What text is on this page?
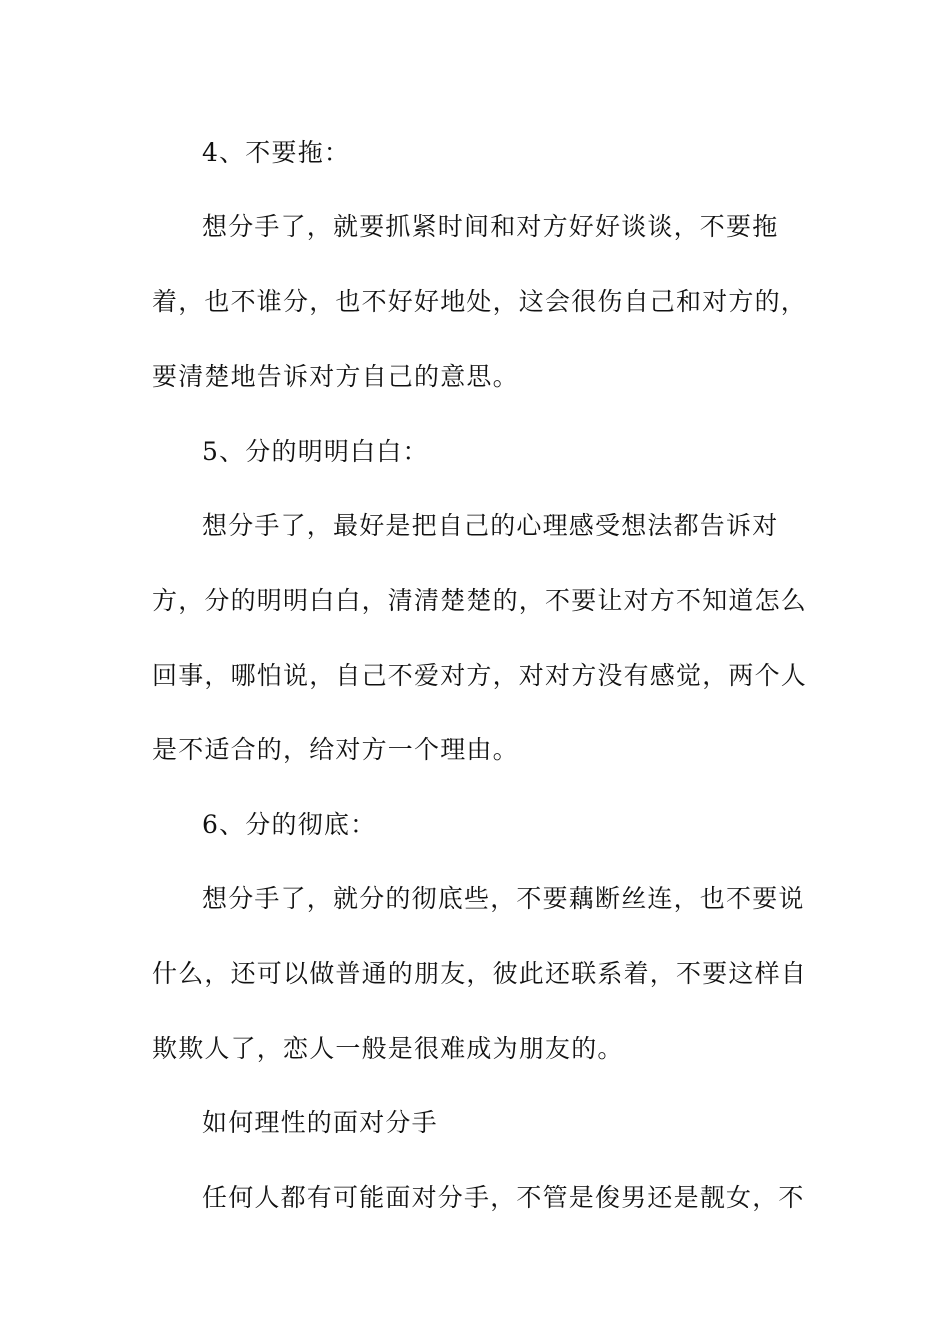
4、不要拖：
想分手了，就要抓紧时间和对方好好谈谈，不要拖
着，也不谁分，也不好好地处，这会很伤自己和对方的，
要清楚地告诉对方自己的意思。
5、分的明明白白：
想分手了，最好是把自己的心理感受想法都告诉对
方，分的明明白白，清清楚楚的，不要让对方不知道怎么
回事，哪怕说，自己不爱对方，对对方没有感觉，两个人
是不适合的，给对方一个理由。
6、分的彻底：
想分手了，就分的彻底些，不要藕断丝连，也不要说
什么，还可以做普通的朋友，彼此还联系着，不要这样自
欺欺人了，恋人一般是很难成为朋友的。
如何理性的面对分手
任何人都有可能面对分手，不管是俊男还是靓女，不
